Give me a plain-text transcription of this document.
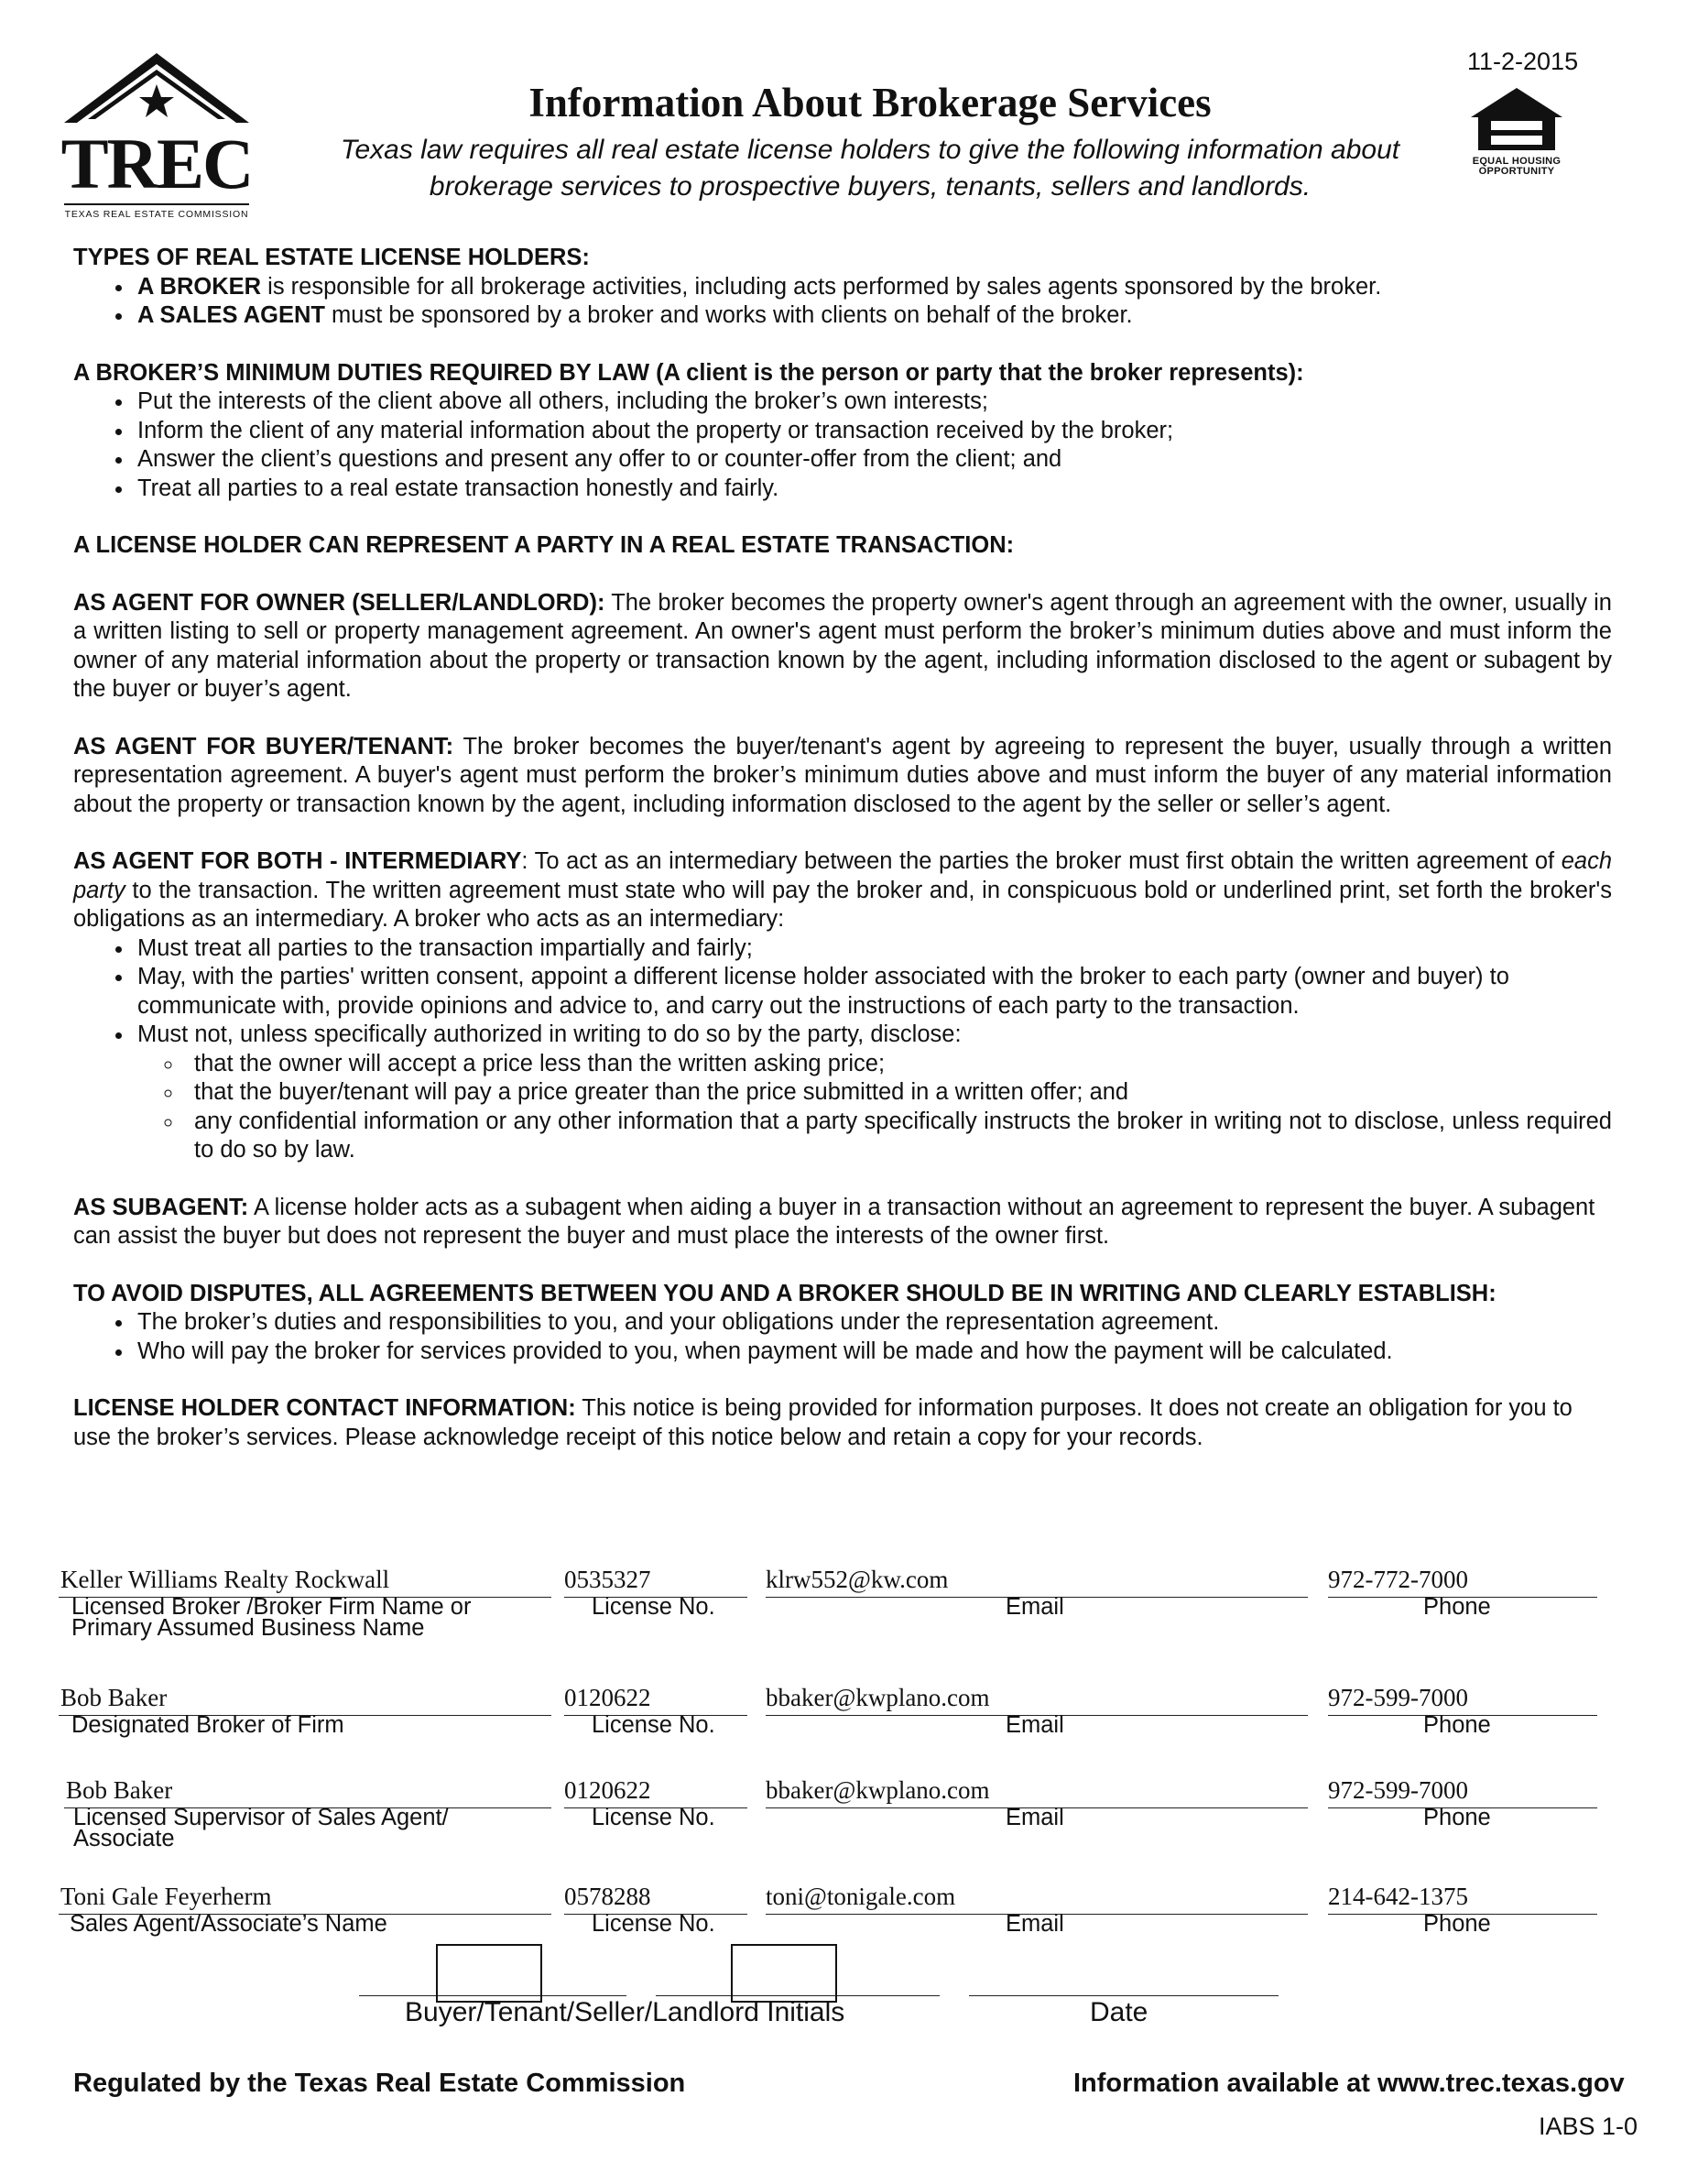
11-2-2015
TREC
TEXAS REAL ESTATE COMMISSION
Information About Brokerage Services
Texas law requires all real estate license holders to give the following information about
brokerage services to prospective buyers, tenants, sellers and landlords.
EQUAL HOUSING
OPPORTUNITY

TYPES OF REAL ESTATE LICENSE HOLDERS:

• A BROKER is responsible for all brokerage activities, including acts performed by sales agents sponsored by the broker.
• A SALES AGENT must be sponsored by a broker and works with clients on behalf of the broker.

A BROKER’S MINIMUM DUTIES REQUIRED BY LAW (A client is the person or party that the broker represents):

• Put the interests of the client above all others, including the broker’s own interests;
• Inform the client of any material information about the property or transaction received by the broker;
• Answer the client’s questions and present any offer to or counter-offer from the client; and
• Treat all parties to a real estate transaction honestly and fairly.

A LICENSE HOLDER CAN REPRESENT A PARTY IN A REAL ESTATE TRANSACTION:

AS AGENT FOR OWNER (SELLER/LANDLORD): The broker becomes the property owner's agent through an agreement with the owner, usually in a written listing to sell or property management agreement. An owner's agent must perform the broker’s minimum duties above and must inform the owner of any material information about the property or transaction known by the agent, including information disclosed to the agent or subagent by the buyer or buyer’s agent.

AS AGENT FOR BUYER/TENANT: The broker becomes the buyer/tenant's agent by agreeing to represent the buyer, usually through a written representation agreement. A buyer's agent must perform the broker’s minimum duties above and must inform the buyer of any material information about the property or transaction known by the agent, including information disclosed to the agent by the seller or seller’s agent.

AS AGENT FOR BOTH - INTERMEDIARY: To act as an intermediary between the parties the broker must first obtain the written agreement of each party to the transaction. The written agreement must state who will pay the broker and, in conspicuous bold or underlined print, set forth the broker's obligations as an intermediary. A broker who acts as an intermediary:

• Must treat all parties to the transaction impartially and fairly;
• May, with the parties' written consent, appoint a different license holder associated with the broker to each party (owner and buyer) to communicate with, provide opinions and advice to, and carry out the instructions of each party to the transaction.
• Must not, unless specifically authorized in writing to do so by the party, disclose:
◦ that the owner will accept a price less than the written asking price;
◦ that the buyer/tenant will pay a price greater than the price submitted in a written offer; and
◦ any confidential information or any other information that a party specifically instructs the broker in writing not to disclose, unless required to do so by law.

AS SUBAGENT: A license holder acts as a subagent when aiding a buyer in a transaction without an agreement to represent the buyer. A subagent can assist the buyer but does not represent the buyer and must place the interests of the owner first.

TO AVOID DISPUTES, ALL AGREEMENTS BETWEEN YOU AND A BROKER SHOULD BE IN WRITING AND CLEARLY ESTABLISH:

• The broker’s duties and responsibilities to you, and your obligations under the representation agreement.
• Who will pay the broker for services provided to you, when payment will be made and how the payment will be calculated.

LICENSE HOLDER CONTACT INFORMATION: This notice is being provided for information purposes. It does not create an obligation for you to use the broker’s services. Please acknowledge receipt of this notice below and retain a copy for your records.

Keller Williams Realty Rockwall
Licensed Broker /Broker Firm Name or
Primary Assumed Business Name
0535327
License No.
klrw552@kw.com
Email
972-772-7000
Phone
Bob Baker
Designated Broker of Firm
0120622
License No.
bbaker@kwplano.com
Email
972-599-7000
Phone
Bob Baker
Licensed Supervisor of Sales Agent/
Associate
0120622
License No.
bbaker@kwplano.com
Email
972-599-7000
Phone
Toni Gale Feyerherm
Sales Agent/Associate’s Name
0578288
License No.
toni@tonigale.com
Email
214-642-1375
Phone
Buyer/Tenant/Seller/Landlord Initials	Date
Regulated by the Texas Real Estate Commission	Information available at www.trec.texas.gov
IABS 1-0
